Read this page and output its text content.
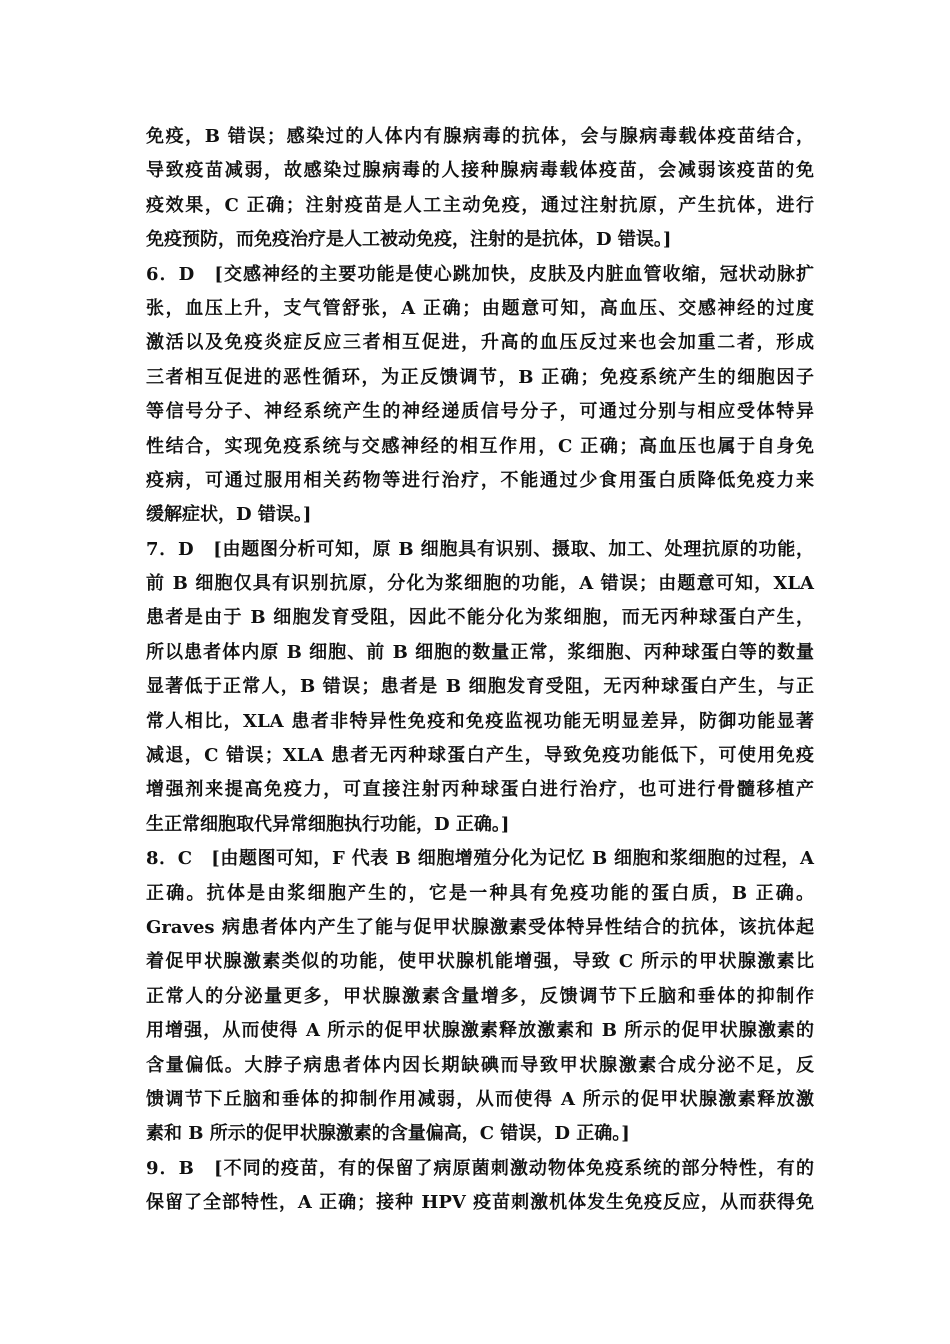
免疫，B 错误；感染过的人体内有腺病毒的抗体，会与腺病毒载体疫苗结合，
导致疫苗减弱，故感染过腺病毒的人接种腺病毒载体疫苗，会减弱该疫苗的免
疫效果，C 正确；注射疫苗是人工主动免疫，通过注射抗原，产生抗体，进行
免疫预防，而免疫治疗是人工被动免疫，注射的是抗体，D 错误。]
6．D　[交感神经的主要功能是使心跳加快，皮肤及内脏血管收缩，冠状动脉扩
张，血压上升，支气管舒张，A 正确；由题意可知，高血压、交感神经的过度
激活以及免疫炎症反应三者相互促进，升高的血压反过来也会加重二者，形成
三者相互促进的恶性循环，为正反馈调节，B 正确；免疫系统产生的细胞因子
等信号分子、神经系统产生的神经递质信号分子，可通过分别与相应受体特异
性结合，实现免疫系统与交感神经的相互作用，C 正确；高血压也属于自身免
疫病，可通过服用相关药物等进行治疗，不能通过少食用蛋白质降低免疫力来
缓解症状，D 错误。]
7．D　[由题图分析可知，原 B 细胞具有识别、摄取、加工、处理抗原的功能，
前 B 细胞仅具有识别抗原，分化为浆细胞的功能，A 错误；由题意可知，XLA
患者是由于 B 细胞发育受阻，因此不能分化为浆细胞，而无丙种球蛋白产生，
所以患者体内原 B 细胞、前 B 细胞的数量正常，浆细胞、丙种球蛋白等的数量
显著低于正常人，B 错误；患者是 B 细胞发育受阻，无丙种球蛋白产生，与正
常人相比，XLA 患者非特异性免疫和免疫监视功能无明显差异，防御功能显著
减退，C 错误；XLA 患者无丙种球蛋白产生，导致免疫功能低下，可使用免疫
增强剂来提高免疫力，可直接注射丙种球蛋白进行治疗，也可进行骨髓移植产
生正常细胞取代异常细胞执行功能，D 正确。]
8．C　[由题图可知，F 代表 B 细胞增殖分化为记忆 B 细胞和浆细胞的过程，A
正确。抗体是由浆细胞产生的，它是一种具有免疫功能的蛋白质，B 正确。
Graves 病患者体内产生了能与促甲状腺激素受体特异性结合的抗体，该抗体起
着促甲状腺激素类似的功能，使甲状腺机能增强，导致 C 所示的甲状腺激素比
正常人的分泌量更多，甲状腺激素含量增多，反馈调节下丘脑和垂体的抑制作
用增强，从而使得 A 所示的促甲状腺激素释放激素和 B 所示的促甲状腺激素的
含量偏低。大脖子病患者体内因长期缺碘而导致甲状腺激素合成分泌不足，反
馈调节下丘脑和垂体的抑制作用减弱，从而使得 A 所示的促甲状腺激素释放激
素和 B 所示的促甲状腺激素的含量偏高，C 错误，D 正确。]
9．B　[不同的疫苗，有的保留了病原菌刺激动物体免疫系统的部分特性，有的
保留了全部特性，A 正确；接种 HPV 疫苗刺激机体发生免疫反应，从而获得免
